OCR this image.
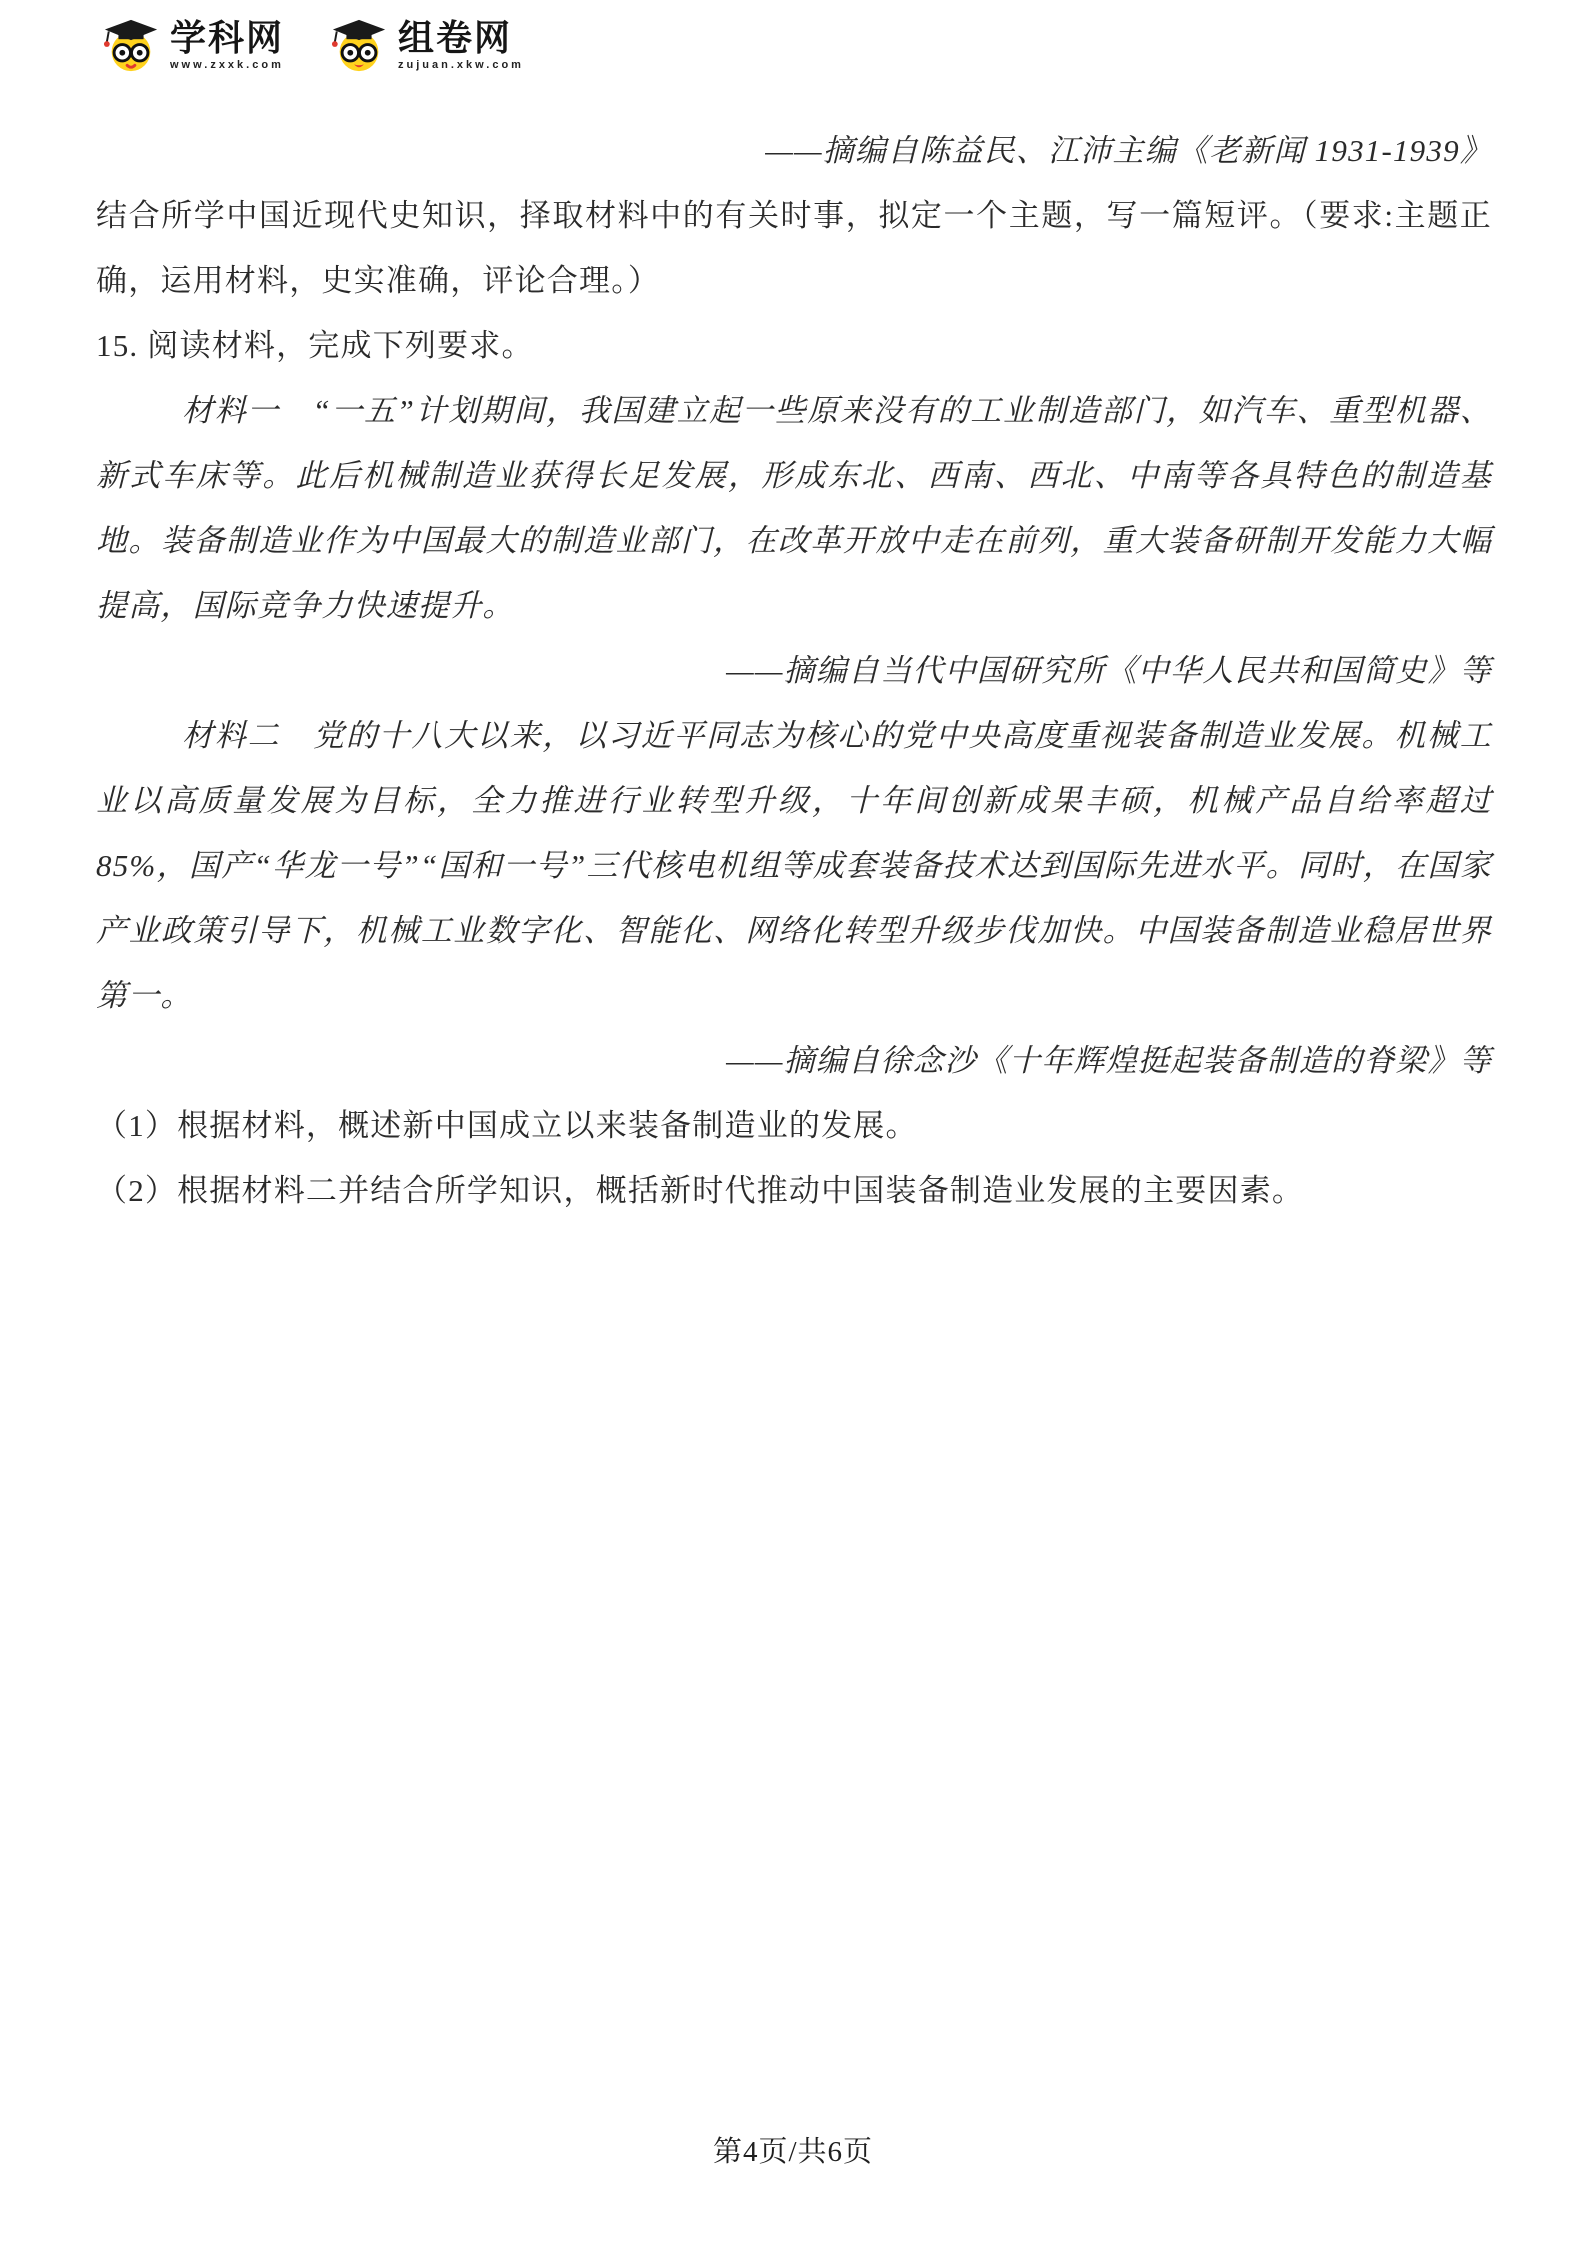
学科网
www.zxxk.com
组卷网
zujuan.xkw.com

——摘编自陈益民、江沛主编《老新闻 1931-1939》

结合所学中国近现代史知识，择取材料中的有关时事，拟定一个主题，写一篇短评。（要求:主题正确，运用材料，史实准确，评论合理。）

15. 阅读材料，完成下列要求。

材料一　“一五”计划期间，我国建立起一些原来没有的工业制造部门，如汽车、重型机器、新式车床等。此后机械制造业获得长足发展，形成东北、西南、西北、中南等各具特色的制造基地。装备制造业作为中国最大的制造业部门，在改革开放中走在前列，重大装备研制开发能力大幅提高，国际竞争力快速提升。

——摘编自当代中国研究所《中华人民共和国简史》等

材料二　党的十八大以来，以习近平同志为核心的党中央高度重视装备制造业发展。机械工业以高质量发展为目标，全力推进行业转型升级，十年间创新成果丰硕，机械产品自给率超过85%，国产“华龙一号”“国和一号”三代核电机组等成套装备技术达到国际先进水平。同时，在国家产业政策引导下，机械工业数字化、智能化、网络化转型升级步伐加快。中国装备制造业稳居世界第一。

——摘编自徐念沙《十年辉煌挺起装备制造的脊梁》等

（1）根据材料，概述新中国成立以来装备制造业的发展。

（2）根据材料二并结合所学知识，概括新时代推动中国装备制造业发展的主要因素。

第4页/共6页
